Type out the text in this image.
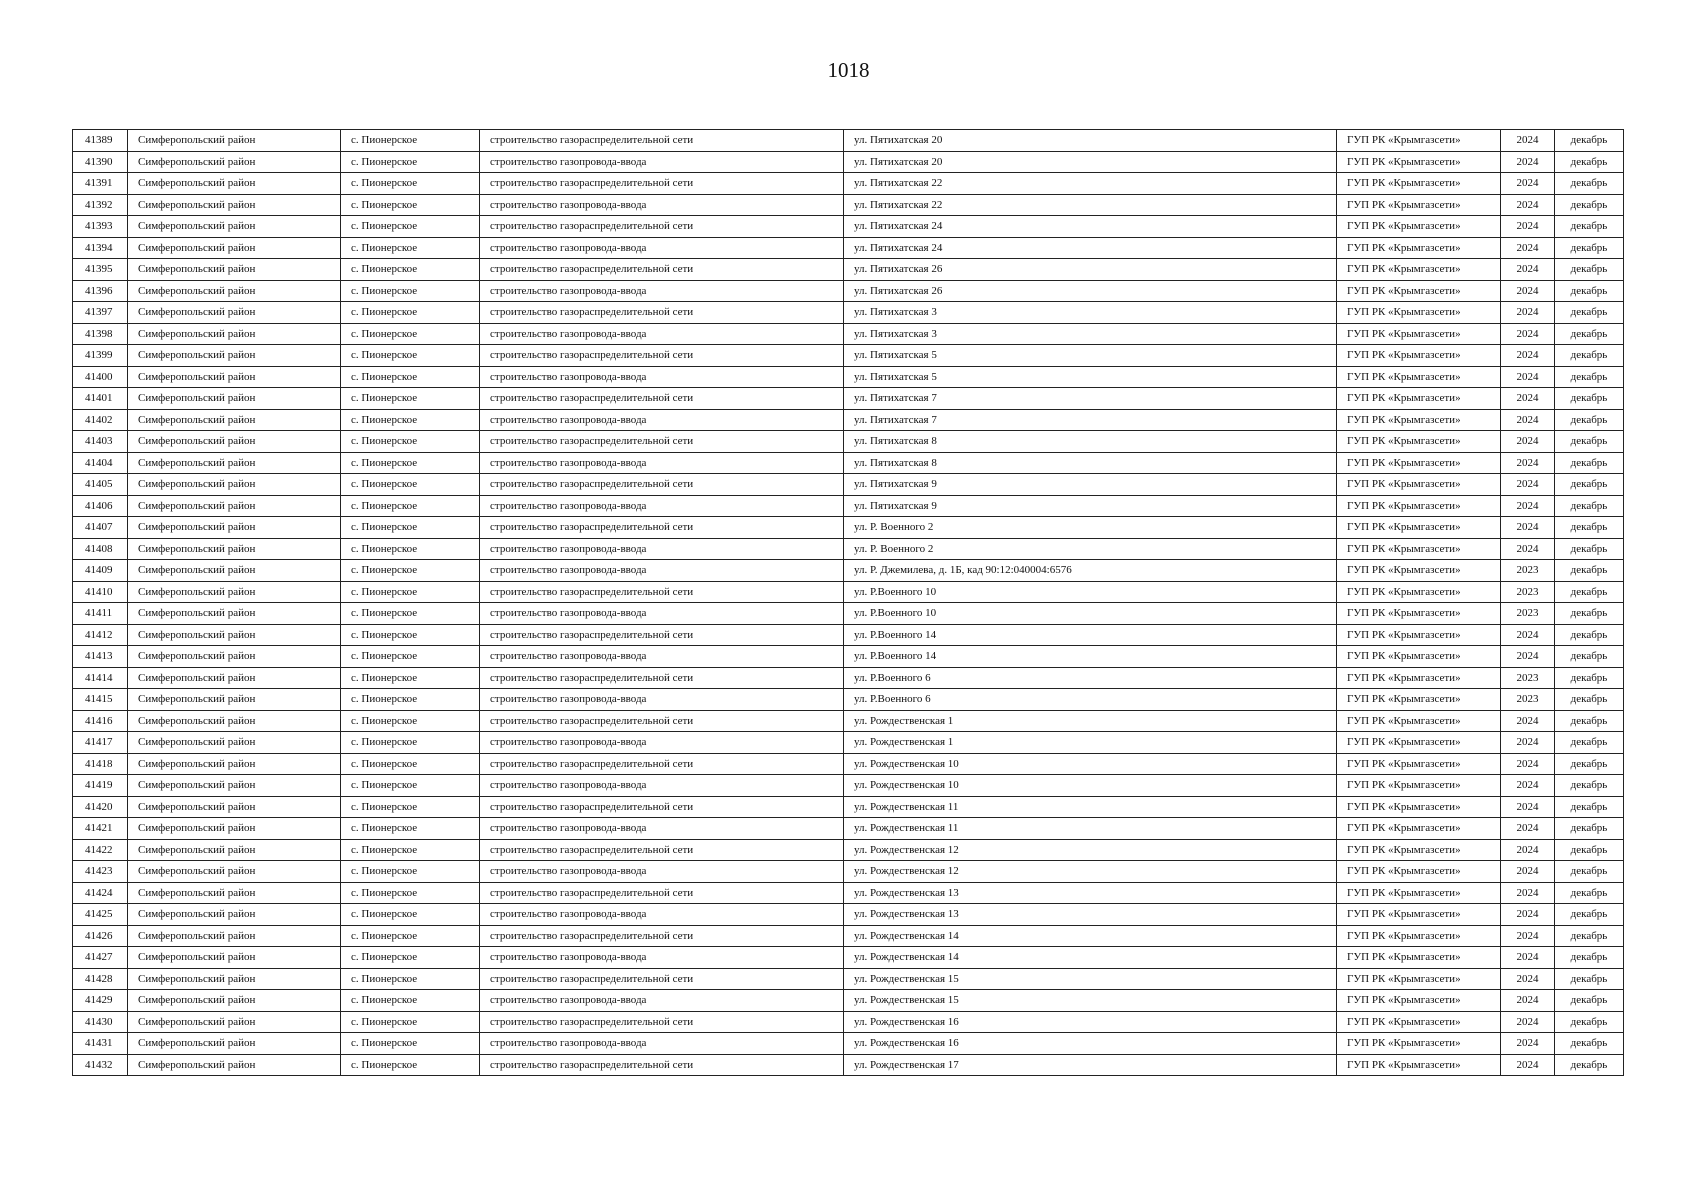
1018
41389	Симферопольский район	с. Пионерское	строительство газораспределительной сети	ул. Пятихатская 20	ГУП РК «Крымгазсети»	2024	декабрь
41390	Симферопольский район	с. Пионерское	строительство газопровода-ввода	ул. Пятихатская 20	ГУП РК «Крымгазсети»	2024	декабрь
41391	Симферопольский район	с. Пионерское	строительство газораспределительной сети	ул. Пятихатская 22	ГУП РК «Крымгазсети»	2024	декабрь
41392	Симферопольский район	с. Пионерское	строительство газопровода-ввода	ул. Пятихатская 22	ГУП РК «Крымгазсети»	2024	декабрь
41393	Симферопольский район	с. Пионерское	строительство газораспределительной сети	ул. Пятихатская 24	ГУП РК «Крымгазсети»	2024	декабрь
41394	Симферопольский район	с. Пионерское	строительство газопровода-ввода	ул. Пятихатская 24	ГУП РК «Крымгазсети»	2024	декабрь
41395	Симферопольский район	с. Пионерское	строительство газораспределительной сети	ул. Пятихатская 26	ГУП РК «Крымгазсети»	2024	декабрь
41396	Симферопольский район	с. Пионерское	строительство газопровода-ввода	ул. Пятихатская 26	ГУП РК «Крымгазсети»	2024	декабрь
41397	Симферопольский район	с. Пионерское	строительство газораспределительной сети	ул. Пятихатская 3	ГУП РК «Крымгазсети»	2024	декабрь
41398	Симферопольский район	с. Пионерское	строительство газопровода-ввода	ул. Пятихатская 3	ГУП РК «Крымгазсети»	2024	декабрь
41399	Симферопольский район	с. Пионерское	строительство газораспределительной сети	ул. Пятихатская 5	ГУП РК «Крымгазсети»	2024	декабрь
41400	Симферопольский район	с. Пионерское	строительство газопровода-ввода	ул. Пятихатская 5	ГУП РК «Крымгазсети»	2024	декабрь
41401	Симферопольский район	с. Пионерское	строительство газораспределительной сети	ул. Пятихатская 7	ГУП РК «Крымгазсети»	2024	декабрь
41402	Симферопольский район	с. Пионерское	строительство газопровода-ввода	ул. Пятихатская 7	ГУП РК «Крымгазсети»	2024	декабрь
41403	Симферопольский район	с. Пионерское	строительство газораспределительной сети	ул. Пятихатская 8	ГУП РК «Крымгазсети»	2024	декабрь
41404	Симферопольский район	с. Пионерское	строительство газопровода-ввода	ул. Пятихатская 8	ГУП РК «Крымгазсети»	2024	декабрь
41405	Симферопольский район	с. Пионерское	строительство газораспределительной сети	ул. Пятихатская 9	ГУП РК «Крымгазсети»	2024	декабрь
41406	Симферопольский район	с. Пионерское	строительство газопровода-ввода	ул. Пятихатская 9	ГУП РК «Крымгазсети»	2024	декабрь
41407	Симферопольский район	с. Пионерское	строительство газораспределительной сети	ул. Р. Военного 2	ГУП РК «Крымгазсети»	2024	декабрь
41408	Симферопольский район	с. Пионерское	строительство газопровода-ввода	ул. Р. Военного 2	ГУП РК «Крымгазсети»	2024	декабрь
41409	Симферопольский район	с. Пионерское	строительство газопровода-ввода	ул. Р. Джемилева, д. 1Б, кад 90:12:040004:6576	ГУП РК «Крымгазсети»	2023	декабрь
41410	Симферопольский район	с. Пионерское	строительство газораспределительной сети	ул. Р.Военного 10	ГУП РК «Крымгазсети»	2023	декабрь
41411	Симферопольский район	с. Пионерское	строительство газопровода-ввода	ул. Р.Военного 10	ГУП РК «Крымгазсети»	2023	декабрь
41412	Симферопольский район	с. Пионерское	строительство газораспределительной сети	ул. Р.Военного 14	ГУП РК «Крымгазсети»	2024	декабрь
41413	Симферопольский район	с. Пионерское	строительство газопровода-ввода	ул. Р.Военного 14	ГУП РК «Крымгазсети»	2024	декабрь
41414	Симферопольский район	с. Пионерское	строительство газораспределительной сети	ул. Р.Военного 6	ГУП РК «Крымгазсети»	2023	декабрь
41415	Симферопольский район	с. Пионерское	строительство газопровода-ввода	ул. Р.Военного 6	ГУП РК «Крымгазсети»	2023	декабрь
41416	Симферопольский район	с. Пионерское	строительство газораспределительной сети	ул. Рождественская 1	ГУП РК «Крымгазсети»	2024	декабрь
41417	Симферопольский район	с. Пионерское	строительство газопровода-ввода	ул. Рождественская 1	ГУП РК «Крымгазсети»	2024	декабрь
41418	Симферопольский район	с. Пионерское	строительство газораспределительной сети	ул. Рождественская 10	ГУП РК «Крымгазсети»	2024	декабрь
41419	Симферопольский район	с. Пионерское	строительство газопровода-ввода	ул. Рождественская 10	ГУП РК «Крымгазсети»	2024	декабрь
41420	Симферопольский район	с. Пионерское	строительство газораспределительной сети	ул. Рождественская 11	ГУП РК «Крымгазсети»	2024	декабрь
41421	Симферопольский район	с. Пионерское	строительство газопровода-ввода	ул. Рождественская 11	ГУП РК «Крымгазсети»	2024	декабрь
41422	Симферопольский район	с. Пионерское	строительство газораспределительной сети	ул. Рождественская 12	ГУП РК «Крымгазсети»	2024	декабрь
41423	Симферопольский район	с. Пионерское	строительство газопровода-ввода	ул. Рождественская 12	ГУП РК «Крымгазсети»	2024	декабрь
41424	Симферопольский район	с. Пионерское	строительство газораспределительной сети	ул. Рождественская 13	ГУП РК «Крымгазсети»	2024	декабрь
41425	Симферопольский район	с. Пионерское	строительство газопровода-ввода	ул. Рождественская 13	ГУП РК «Крымгазсети»	2024	декабрь
41426	Симферопольский район	с. Пионерское	строительство газораспределительной сети	ул. Рождественская 14	ГУП РК «Крымгазсети»	2024	декабрь
41427	Симферопольский район	с. Пионерское	строительство газопровода-ввода	ул. Рождественская 14	ГУП РК «Крымгазсети»	2024	декабрь
41428	Симферопольский район	с. Пионерское	строительство газораспределительной сети	ул. Рождественская 15	ГУП РК «Крымгазсети»	2024	декабрь
41429	Симферопольский район	с. Пионерское	строительство газопровода-ввода	ул. Рождественская 15	ГУП РК «Крымгазсети»	2024	декабрь
41430	Симферопольский район	с. Пионерское	строительство газораспределительной сети	ул. Рождественская 16	ГУП РК «Крымгазсети»	2024	декабрь
41431	Симферопольский район	с. Пионерское	строительство газопровода-ввода	ул. Рождественская 16	ГУП РК «Крымгазсети»	2024	декабрь
41432	Симферопольский район	с. Пионерское	строительство газораспределительной сети	ул. Рождественская 17	ГУП РК «Крымгазсети»	2024	декабрь
